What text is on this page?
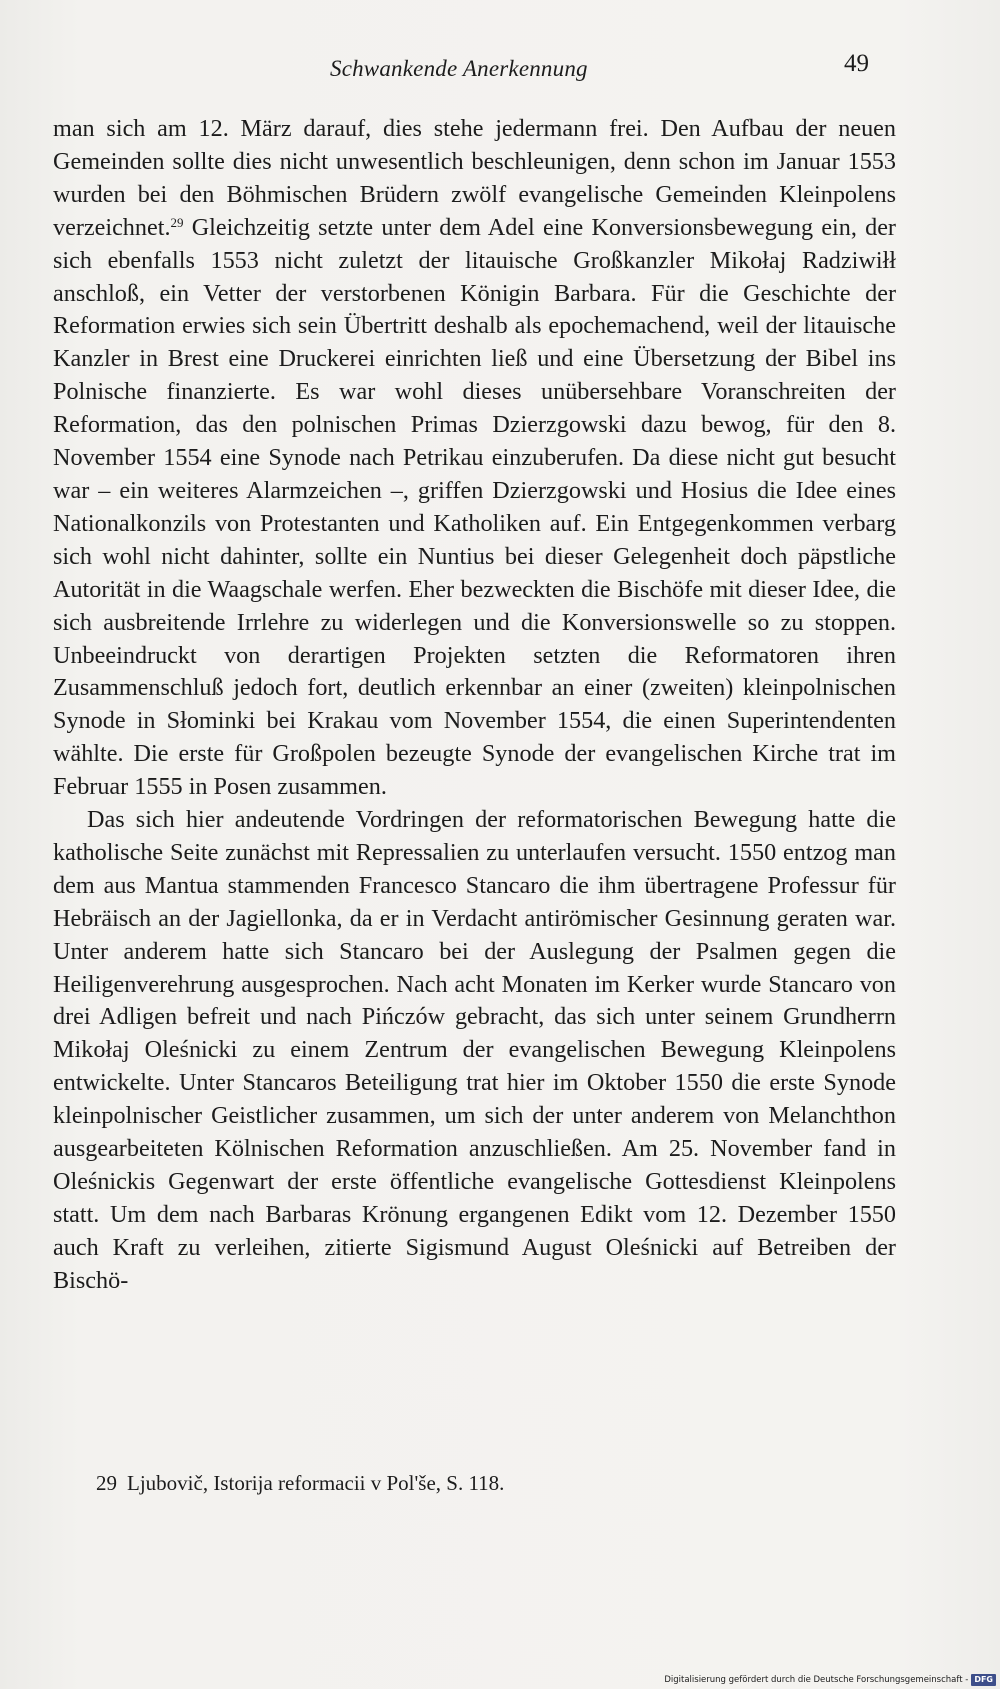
Schwankende Anerkennung	49

man sich am 12. März darauf, dies stehe jedermann frei. Den Aufbau der neuen Gemeinden sollte dies nicht unwesentlich beschleunigen, denn schon im Januar 1553 wurden bei den Böhmischen Brüdern zwölf evangelische Gemeinden Kleinpolens verzeichnet.$^{29}$ Gleichzeitig setzte unter dem Adel eine Konversionsbewegung ein, der sich ebenfalls 1553 nicht zuletzt der litauische Großkanzler Mikołaj Radziwiłł anschloß, ein Vetter der verstorbenen Königin Barbara. Für die Geschichte der Reformation erwies sich sein Übertritt deshalb als epochemachend, weil der litauische Kanzler in Brest eine Druckerei einrichten ließ und eine Übersetzung der Bibel ins Polnische finanzierte. Es war wohl dieses unübersehbare Voranschreiten der Reformation, das den polnischen Primas Dzierzgowski dazu bewog, für den 8. November 1554 eine Synode nach Petrikau einzuberufen. Da diese nicht gut besucht war – ein weiteres Alarmzeichen –, griffen Dzierzgowski und Hosius die Idee eines Nationalkonzils von Protestanten und Katholiken auf. Ein Entgegenkommen verbarg sich wohl nicht dahinter, sollte ein Nuntius bei dieser Gelegenheit doch päpstliche Autorität in die Waagschale werfen. Eher bezweckten die Bischöfe mit dieser Idee, die sich ausbreitende Irrlehre zu widerlegen und die Konversionswelle so zu stoppen. Unbeeindruckt von derartigen Projekten setzten die Reformatoren ihren Zusammenschluß jedoch fort, deutlich erkennbar an einer (zweiten) kleinpolnischen Synode in Słominki bei Krakau vom November 1554, die einen Superintendenten wählte. Die erste für Großpolen bezeugte Synode der evangelischen Kirche trat im Februar 1555 in Posen zusammen.

Das sich hier andeutende Vordringen der reformatorischen Bewegung hatte die katholische Seite zunächst mit Repressalien zu unterlaufen versucht. 1550 entzog man dem aus Mantua stammenden Francesco Stancaro die ihm übertragene Professur für Hebräisch an der Jagiellonka, da er in Verdacht antirömischer Gesinnung geraten war. Unter anderem hatte sich Stancaro bei der Auslegung der Psalmen gegen die Heiligenverehrung ausgesprochen. Nach acht Monaten im Kerker wurde Stancaro von drei Adligen befreit und nach Pińczów gebracht, das sich unter seinem Grundherrn Mikołaj Oleśnicki zu einem Zentrum der evangelischen Bewegung Kleinpolens entwickelte. Unter Stancaros Beteiligung trat hier im Oktober 1550 die erste Synode kleinpolnischer Geistlicher zusammen, um sich der unter anderem von Melanchthon ausgearbeiteten Kölnischen Reformation anzuschließen. Am 25. November fand in Oleśnickis Gegenwart der erste öffentliche evangelische Gottesdienst Kleinpolens statt. Um dem nach Barbaras Krönung ergangenen Edikt vom 12. Dezember 1550 auch Kraft zu verleihen, zitierte Sigismund August Oleśnicki auf Betreiben der Bischö-

29 Ljubovič, Istorija reformacii v Pol'še, S. 118.
Digitalisierung gefördert durch die Deutsche Forschungsgemeinschaft - DFG
